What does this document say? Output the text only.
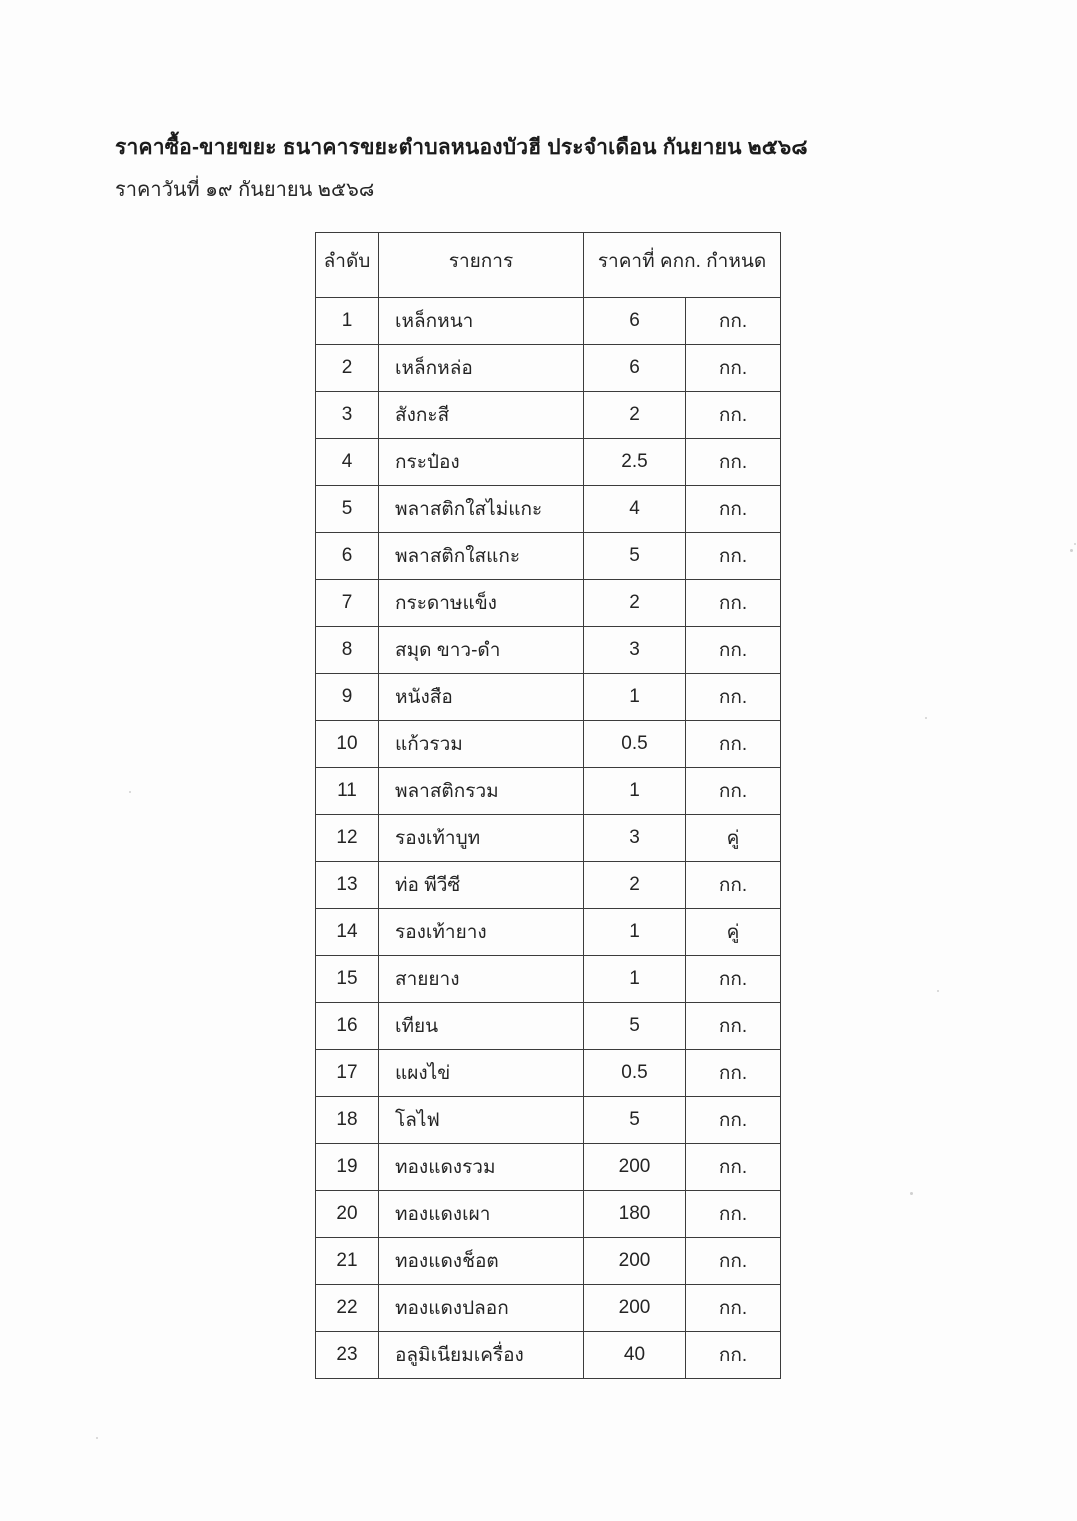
ราคาซื้อ-ขายขยะ ธนาคารขยะตำบลหนองบัวฮี ประจำเดือน กันยายน ๒๕๖๘
ราคาวันที่ ๑๙ กันยายน ๒๕๖๘
ลำดับ	รายการ	ราคาที่ คกก. กำหนด	
1	เหล็กหนา	6	กก.
2	เหล็กหล่อ	6	กก.
3	สังกะสี	2	กก.
4	กระป๋อง	2.5	กก.
5	พลาสติกใสไม่แกะ	4	กก.
6	พลาสติกใสแกะ	5	กก.
7	กระดาษแข็ง	2	กก.
8	สมุด ขาว-ดำ	3	กก.
9	หนังสือ	1	กก.
10	แก้วรวม	0.5	กก.
11	พลาสติกรวม	1	กก.
12	รองเท้าบูท	3	คู่
13	ท่อ พีวีซี	2	กก.
14	รองเท้ายาง	1	คู่
15	สายยาง	1	กก.
16	เทียน	5	กก.
17	แผงไข่	0.5	กก.
18	โลไฟ	5	กก.
19	ทองแดงรวม	200	กก.
20	ทองแดงเผา	180	กก.
21	ทองแดงช็อต	200	กก.
22	ทองแดงปลอก	200	กก.
23	อลูมิเนียมเครื่อง	40	กก.
